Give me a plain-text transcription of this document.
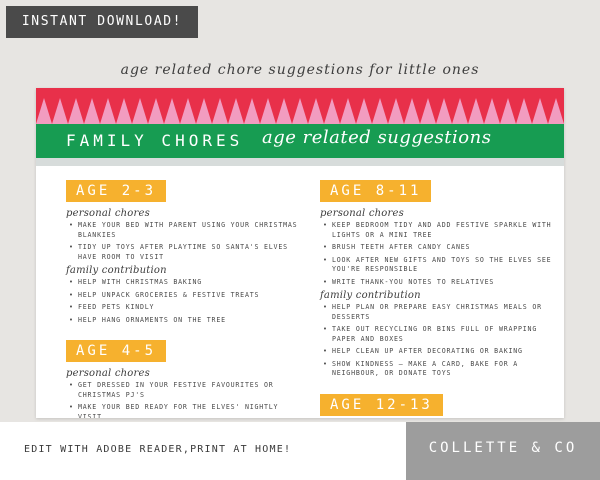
INSTANT DOWNLOAD!
age related chore suggestions for little ones
FAMILY CHORES age related suggestions
AGE 2-3
personal chores
• MAKE YOUR BED WITH PARENT USING YOUR CHRISTMAS BLANKIES
• TIDY UP TOYS AFTER PLAYTIME SO SANTA'S ELVES HAVE ROOM TO VISIT
family contribution
• HELP WITH CHRISTMAS BAKING
• HELP UNPACK GROCERIES & FESTIVE TREATS
• FEED PETS KINDLY
• HELP HANG ORNAMENTS ON THE TREE
AGE 4-5
personal chores
• GET DRESSED IN YOUR FESTIVE FAVOURITES OR CHRISTMAS PJ'S
• MAKE YOUR BED READY FOR THE ELVES' NIGHTLY VISIT
AGE 8-11
personal chores
• KEEP BEDROOM TIDY AND ADD FESTIVE SPARKLE WITH LIGHTS OR A MINI TREE
• BRUSH TEETH AFTER CANDY CANES
• LOOK AFTER NEW GIFTS AND TOYS SO THE ELVES SEE YOU'RE RESPONSIBLE
• WRITE THANK-YOU NOTES TO RELATIVES
family contribution
• HELP PLAN OR PREPARE EASY CHRISTMAS MEALS OR DESSERTS
• TAKE OUT RECYCLING OR BINS FULL OF WRAPPING PAPER AND BOXES
• HELP CLEAN UP AFTER DECORATING OR BAKING
• SHOW KINDNESS — MAKE A CARD, BAKE FOR A NEIGHBOUR, OR DONATE TOYS
AGE 12-13
EDIT WITH ADOBE READER,PRINT AT HOME!	COLLETTE & CO
